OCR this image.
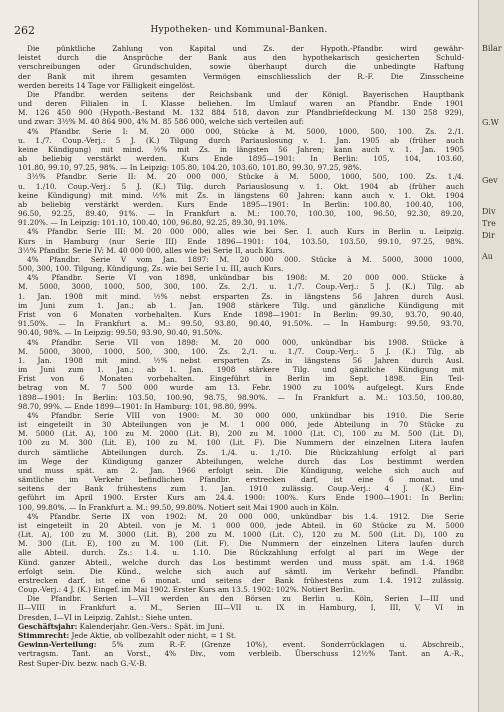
262	Hypotheken- und Kommunal-Banken.
Die pünktliche Zahlung von Kapital und Zs. der Hypoth.-Pfandbr. wird gewähr-
leistet durch die Ansprüche der Bank aus den hypothekarisch gesicherten Schuld-
verschreibungen oder Grundschulden, sowie überhaupt durch die unbedingte Haftung
der Bank mit ihrem gesamten Vermögen einschliesslich der R.-F. Die Zinsscheine
werden bereits 14 Tage vor Fälligkeit eingelöst.
Die Pfandbr. werden seitens der Reichsbank und der Königl. Bayerischen Hauptbank
und deren Filialen in I. Klasse beliehen. Im Umlauf waren an Pfandbr. Ende 1901
M. 126 450 900 (Hypoth.-Bestand M. 132 884 518, davon zur Pfandbriefdeckung M. 130 258 929),
und zwar: 3½% M. 40 864 900, 4% M. 85 586 000, welche sich verteilen auf:
4% Pfandbr. Serie I: M. 20 000 000, Stücke à M. 5000, 1000, 500, 100. Zs. 2./1.
u. 1./7. Coup.-Verj.: 5 J. (K.) Tilgung durch Pariauslosung v. 1. Jan. 1905 ab (früher auch
keine Kündigung) mit mind. ½% mit Zs. in längsten 56 Jahren; kann auch v. 1. Jan. 1905
ab beliebig verstärkt werden. Kurs Ende 1895—1901: In Berlin: 105, 104, 103.60,
101.80, 99.10, 97.25, 98%. — In Leipzig: 105.80, 104.20, 103.60, 101.80, 99.30, 97.25, 98%.
3½% Pfandbr. Serie II: M. 20 000 000, Stücke à M. 5000, 1000, 500, 100. Zs. 1./4.
u. 1./10. Coup.-Verj.: 5 J. (K.) Tilg. durch Pariauslosung v. 1. Okt. 1904 ab (früher auch
keine Kündigung) mit mind. ½% mit Zs. in längstens 60 Jahren: kann auch v. 1. Okt. 1904
ab beliebig verstärkt werden. Kurs Ende 1895—1901: In Berlin: 100.80, 100.40, 100,
96.50, 92.25, 89.40, 91%. — In Frankfurt a. M.: 100.70, 100.30, 100, 96.50, 92.30, 89.20,
91.20%. — In Leipzig: 101.10, 100.40, 100, 96.80, 92.25, 89.30, 91.10%.
4% Pfandbr. Serie III: M. 20 000 000, alles wie bei Ser. I. auch Kurs in Berlin u. Leipzig.
Kurs in Hamburg (nur Serie III) Ende 1896—1901: 104, 103.50, 103.50, 99.10, 97.25, 98%.
3½% Pfandbr. Serie IV: M. 40 000 000, alles wie bei Serie II, auch Kurs.
4% Pfandbr. Serie V vom Jan. 1897: M. 20 000 000. Stücke à M. 5000, 3000 1000,
500, 300, 100. Tilgung, Kündigung, Zs. wie bei Serie I u. III, auch Kurs.
4% Pfandbr. Serie VI von 1898, unkündbar bis 1908: M. 20 000 000. Stücke à
M. 5000, 3000, 1000, 500, 300, 100. Zs. 2./1. u. 1./7. Coup.-Verj.: 5 J. (K.) Tilg. ab
1. Jan. 1908 mit mind. ½% nebst ersparten Zs. in längstens 56 Jahren durch Ausl.
im Juni zum 1. Jan.; ab 1. Jan. 1908 stärkere Tilg. und gänzliche Kündigung mit
Frist von 6 Monaten vorbehalten. Kurs Ende 1898—1901: In Berlin: 99.30, 93.70, 90.40,
91.50%. — In Frankfurt a. M.: 99.50, 93.80, 90.40, 91.50%. — In Hamburg: 99.50, 93.70,
90.40, 98%. — In Leipzig: 99.50, 93.90, 90.40, 91.50%.
4% Pfandbr. Serie VII von 1898: M. 20 000 000, unkündbar bis 1908. Stücke à
M. 5000, 3000, 1000, 500, 300, 100. Zs. 2./1. u. 1./7. Coup.-Verj.: 5 J. (K.) Tilg. ab
1. Jan. 1908 mit mind. ½% nebst ersparten Zs. in längstens 56 Jahren durch Ausl.
im Juni zum 1. Jan.; ab 1. Jan. 1908 stärkere Tilg. und gänzliche Kündigung mit
Frist von 6 Monaten vorbehalten. Eingeführt in Berlin im Sept. 1898. Ein Teil-
betrag von M. 7 500 000 wurde am 13. Febr. 1900 zu 100% aufgelegt. Kurs Ende
1898—1901: In Berlin: 103.50, 100.90, 98.75, 98.90%. — In Frankfurt a. M.: 103.50, 100.80,
98.70, 99%. — Ende 1899—1901: In Hamburg: 101, 98.80, 99%.
4% Pfandbr. Serie VIII von 1900: M. 30 000 000, unkündbar bis 1910. Die Serie
ist eingeteilt in 30 Abteilungen von je M. 1 000 000, jede Abteilung in 70 Stücke zu
M. 5000 (Lit. A), 100 zu M. 2000 (Lit. B), 200 zu M. 1000 (Lit. C), 100 zu M. 500 (Lit. D),
100 zu M. 300 (Lit. E), 100 zu M. 100 (Lit. F). Die Nummern der einzelnen Litera laufen
durch sämtliche Abteilungen durch. Zs. 1./4. u. 1./10. Die Rückzahlung erfolgt al pari
im Wege der Kündigung ganzer Abteilungen, welche durch das Los bestimmt werden
und muss spät. am 2. Jan. 1966 erfolgt sein. Die Kündigung, welche sich auch auf
sämtliche im Verkehr befindlichen Pfandbr. erstrecken darf, ist eine 6 monat. und
seitens der Bank frühestens zum 1. Jan. 1910 zulässig. Coup.-Verj.: 4 J. (K.) Ein-
geführt im April 1900. Erster Kurs am 24.4. 1900: 100%. Kurs Ende 1900—1901: In Berlin:
100, 99.80%. — In Frankfurt a. M.: 99.50, 99.80%. Notiert seit Mai 1900 auch in Köln.
4% Pfandbr. Serie IX von 1902: M. 20 000 000, unkündbar bis 1.4. 1912. Die Serie
ist eingeteilt in 20 Abteil. von je M. 1 000 000, jede Abteil. in 60 Stücke zu M. 5000
(Lit. A), 100 zu M. 3000 (Lit. B), 200 zu M. 1000 (Lit. C), 120 zu M. 500 (Lit. D), 100 zu
M. 300 (Lit. E), 100 zu M. 100 (Lit. F). Die Nummern der einzelnen Litera laufen durch
alle Abteil. durch. Zs.: 1.4. u. 1.10. Die Rückzahlung erfolgt al pari im Wege der
Künd. ganzer Abteil., welche durch das Los bestimmt werden und muss spät. am 1.4. 1968
erfolgt sein. Die Künd., welche sich auch auf sämtl. im Verkehr befindl. Pfandbr.
erstrecken darf, ist eine 6 monat. und seitens der Bank frühestens zum 1.4. 1912 zulässig.
Coup.-Verj.: 4 J. (K.) Eingef. im Mai 1902. Erster Kurs am 13.5. 1902: 102%. Notiert Berlin.
Die Pfandbr. Serien I—VII werden an den Börsen zu Berlin u. Köln, Serien I—III und
II—VIII in Frankfurt a. M., Serien III—VII u. IX in Hamburg, I, III, V, VI in
Dresden, I—VI in Leipzig. Zahlst.: Siehe unten.
Geschäftsjahr: Kalenderjahr. Gen.-Vers.: Spät. im Juni.
Stimmrecht: Jede Aktie, ob vollbezahlt oder nicht, = 1 St.
Gewinn-Verteilung: 5% zum R.-F. (Grenze 10%), event. Sonderrücklagen u. Abschreib.,
vertragsm. Tant. an Vorst., 4% Div., vom verbleib. Überschuss 12½% Tant. an A.-R.,
Rest Super-Div. bezw. nach G.-V.-B.
Bilar
G.W
Gev
Div
Tre
Dir
Au
